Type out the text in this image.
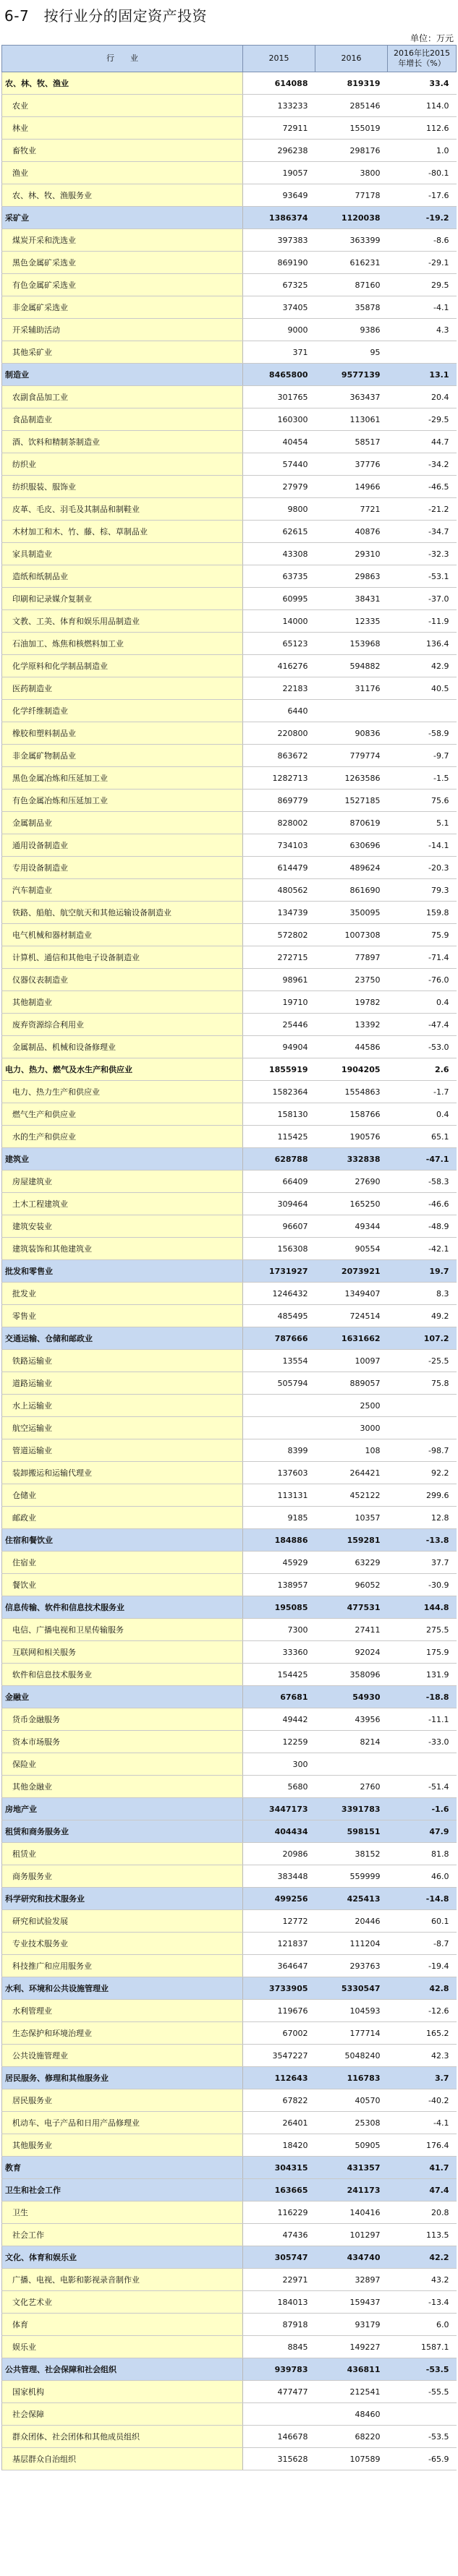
6-7　按行业分的固定资产投资
单位：万元
行　　业	2015	2016	2016年比2015年增长（%）
农、林、牧、渔业	614088	819319	33.4
农业	133233	285146	114.0
林业	72911	155019	112.6
畜牧业	296238	298176	1.0
渔业	19057	3800	-80.1
农、林、牧、渔服务业	93649	77178	-17.6
采矿业	1386374	1120038	-19.2
煤炭开采和洗选业	397383	363399	-8.6
黑色金属矿采选业	869190	616231	-29.1
有色金属矿采选业	67325	87160	29.5
非金属矿采选业	37405	35878	-4.1
开采辅助活动	9000	9386	4.3
其他采矿业	371	95	
制造业	8465800	9577139	13.1
农副食品加工业	301765	363437	20.4
食品制造业	160300	113061	-29.5
酒、饮料和精制茶制造业	40454	58517	44.7
纺织业	57440	37776	-34.2
纺织服装、服饰业	27979	14966	-46.5
皮革、毛皮、羽毛及其制品和制鞋业	9800	7721	-21.2
木材加工和木、竹、藤、棕、草制品业	62615	40876	-34.7
家具制造业	43308	29310	-32.3
造纸和纸制品业	63735	29863	-53.1
印刷和记录媒介复制业	60995	38431	-37.0
文教、工美、体育和娱乐用品制造业	14000	12335	-11.9
石油加工、炼焦和核燃料加工业	65123	153968	136.4
化学原料和化学制品制造业	416276	594882	42.9
医药制造业	22183	31176	40.5
化学纤维制造业	6440		
橡胶和塑料制品业	220800	90836	-58.9
非金属矿物制品业	863672	779774	-9.7
黑色金属冶炼和压延加工业	1282713	1263586	-1.5
有色金属冶炼和压延加工业	869779	1527185	75.6
金属制品业	828002	870619	5.1
通用设备制造业	734103	630696	-14.1
专用设备制造业	614479	489624	-20.3
汽车制造业	480562	861690	79.3
铁路、船舶、航空航天和其他运输设备制造业	134739	350095	159.8
电气机械和器材制造业	572802	1007308	75.9
计算机、通信和其他电子设备制造业	272715	77897	-71.4
仪器仪表制造业	98961	23750	-76.0
其他制造业	19710	19782	0.4
废弃资源综合利用业	25446	13392	-47.4
金属制品、机械和设备修理业	94904	44586	-53.0
电力、热力、燃气及水生产和供应业	1855919	1904205	2.6
电力、热力生产和供应业	1582364	1554863	-1.7
燃气生产和供应业	158130	158766	0.4
水的生产和供应业	115425	190576	65.1
建筑业	628788	332838	-47.1
房屋建筑业	66409	27690	-58.3
土木工程建筑业	309464	165250	-46.6
建筑安装业	96607	49344	-48.9
建筑装饰和其他建筑业	156308	90554	-42.1
批发和零售业	1731927	2073921	19.7
批发业	1246432	1349407	8.3
零售业	485495	724514	49.2
交通运输、仓储和邮政业	787666	1631662	107.2
铁路运输业	13554	10097	-25.5
道路运输业	505794	889057	75.8
水上运输业		2500	
航空运输业		3000	
管道运输业	8399	108	-98.7
装卸搬运和运输代理业	137603	264421	92.2
仓储业	113131	452122	299.6
邮政业	9185	10357	12.8
住宿和餐饮业	184886	159281	-13.8
住宿业	45929	63229	37.7
餐饮业	138957	96052	-30.9
信息传输、软件和信息技术服务业	195085	477531	144.8
电信、广播电视和卫星传输服务	7300	27411	275.5
互联网和相关服务	33360	92024	175.9
软件和信息技术服务业	154425	358096	131.9
金融业	67681	54930	-18.8
货币金融服务	49442	43956	-11.1
资本市场服务	12259	8214	-33.0
保险业	300		
其他金融业	5680	2760	-51.4
房地产业	3447173	3391783	-1.6
租赁和商务服务业	404434	598151	47.9
租赁业	20986	38152	81.8
商务服务业	383448	559999	46.0
科学研究和技术服务业	499256	425413	-14.8
研究和试验发展	12772	20446	60.1
专业技术服务业	121837	111204	-8.7
科技推广和应用服务业	364647	293763	-19.4
水利、环境和公共设施管理业	3733905	5330547	42.8
水利管理业	119676	104593	-12.6
生态保护和环境治理业	67002	177714	165.2
公共设施管理业	3547227	5048240	42.3
居民服务、修理和其他服务业	112643	116783	3.7
居民服务业	67822	40570	-40.2
机动车、电子产品和日用产品修理业	26401	25308	-4.1
其他服务业	18420	50905	176.4
教育	304315	431357	41.7
卫生和社会工作	163665	241173	47.4
卫生	116229	140416	20.8
社会工作	47436	101297	113.5
文化、体育和娱乐业	305747	434740	42.2
广播、电视、电影和影视录音制作业	22971	32897	43.2
文化艺术业	184013	159437	-13.4
体育	87918	93179	6.0
娱乐业	8845	149227	1587.1
公共管理、社会保障和社会组织	939783	436811	-53.5
国家机构	477477	212541	-55.5
社会保障		48460	
群众团体、社会团体和其他成员组织	146678	68220	-53.5
基层群众自治组织	315628	107589	-65.9
